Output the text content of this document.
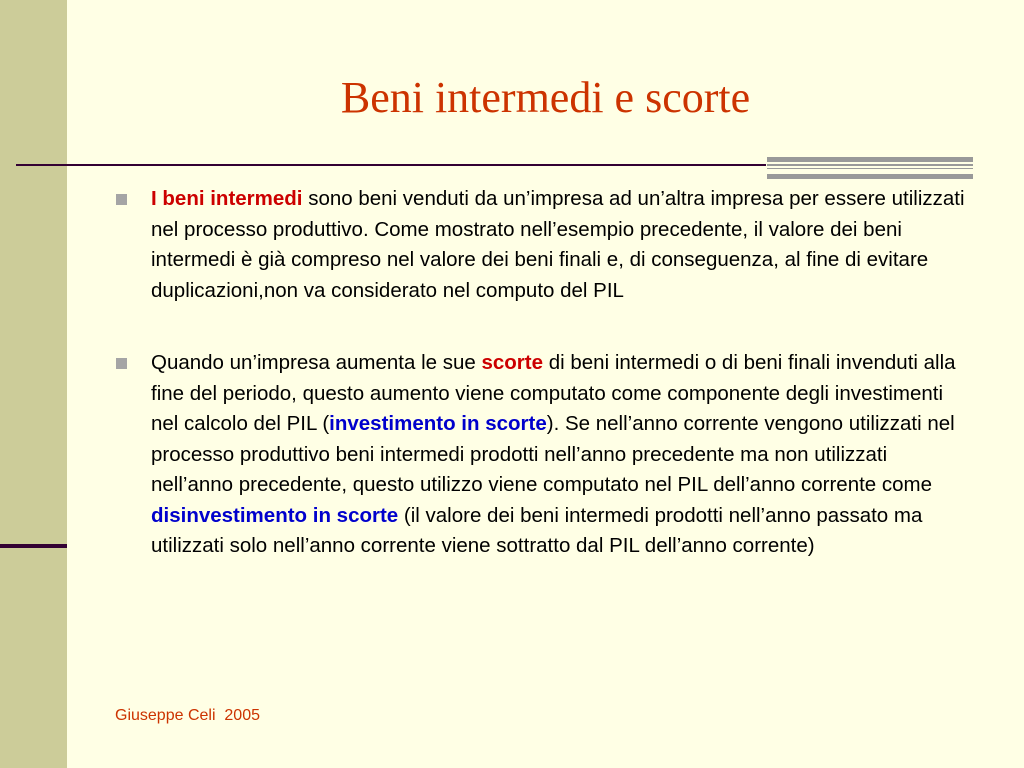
Beni intermedi e scorte
I beni intermedi sono beni venduti da un’impresa ad un’altra impresa per essere utilizzati nel processo produttivo. Come mostrato nell’esempio precedente, il valore dei beni intermedi è già compreso nel valore dei beni finali e, di conseguenza, al fine di evitare duplicazioni,non va considerato nel computo del PIL
Quando un’impresa aumenta le sue scorte di beni intermedi o di beni finali invenduti alla fine del periodo, questo aumento viene computato come componente degli investimenti nel calcolo del PIL (investimento in scorte). Se nell’anno corrente vengono utilizzati nel processo produttivo beni intermedi prodotti nell’anno precedente ma non utilizzati nell’anno precedente, questo utilizzo viene computato nel PIL dell’anno corrente come disinvestimento in scorte (il valore dei beni intermedi prodotti nell’anno passato ma utilizzati solo nell’anno corrente viene sottratto dal PIL dell’anno corrente)
Giuseppe Celi  2005
